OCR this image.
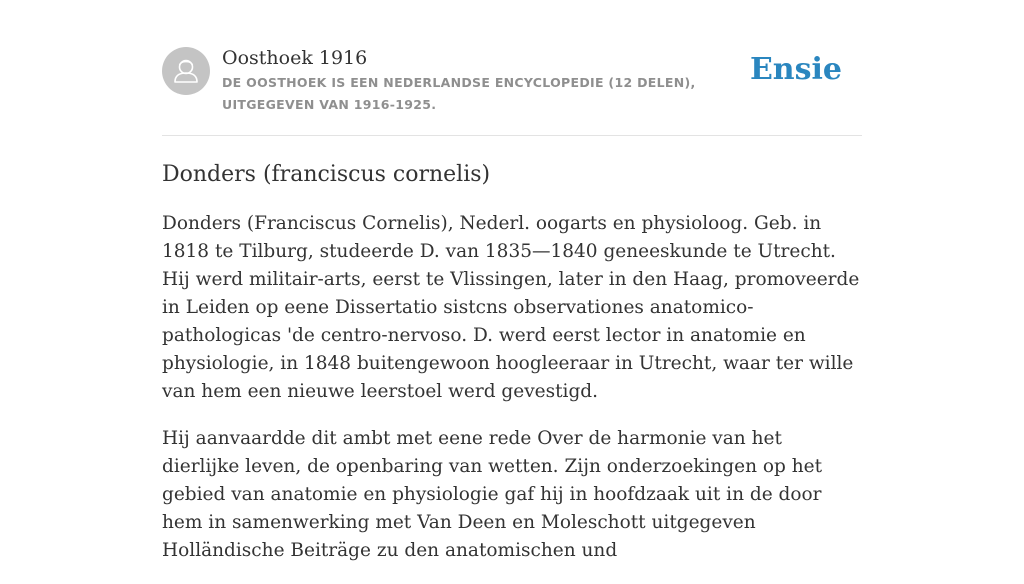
Oosthoek 1916
DE OOSTHOEK IS EEN NEDERLANDSE ENCYCLOPEDIE (12 DELEN), UITGEGEVEN VAN 1916-1925.
Ensie
Donders (franciscus cornelis)

Donders (Franciscus Cornelis), Nederl. oogarts en physioloog. Geb. in 1818 te Tilburg, studeerde D. van 1835—1840 geneeskunde te Utrecht. Hij werd militair-arts, eerst te Vlissingen, later in den Haag, promoveerde in Leiden op eene Dissertatio sistcns observationes anatomico-pathologicas 'de centro-nervoso. D. werd eerst lector in anatomie en physiologie, in 1848 buitengewoon hoogleeraar in Utrecht, waar ter wille van hem een nieuwe leerstoel werd gevestigd.

Hij aanvaardde dit ambt met eene rede Over de harmonie van het dierlijke leven, de openbaring van wetten. Zijn onderzoekingen op het gebied van anatomie en physiologie gaf hij in hoofdzaak uit in de door hem in samenwerking met Van Deen en Moleschott uitgegeven Holländische Beiträge zu den anatomischen und
